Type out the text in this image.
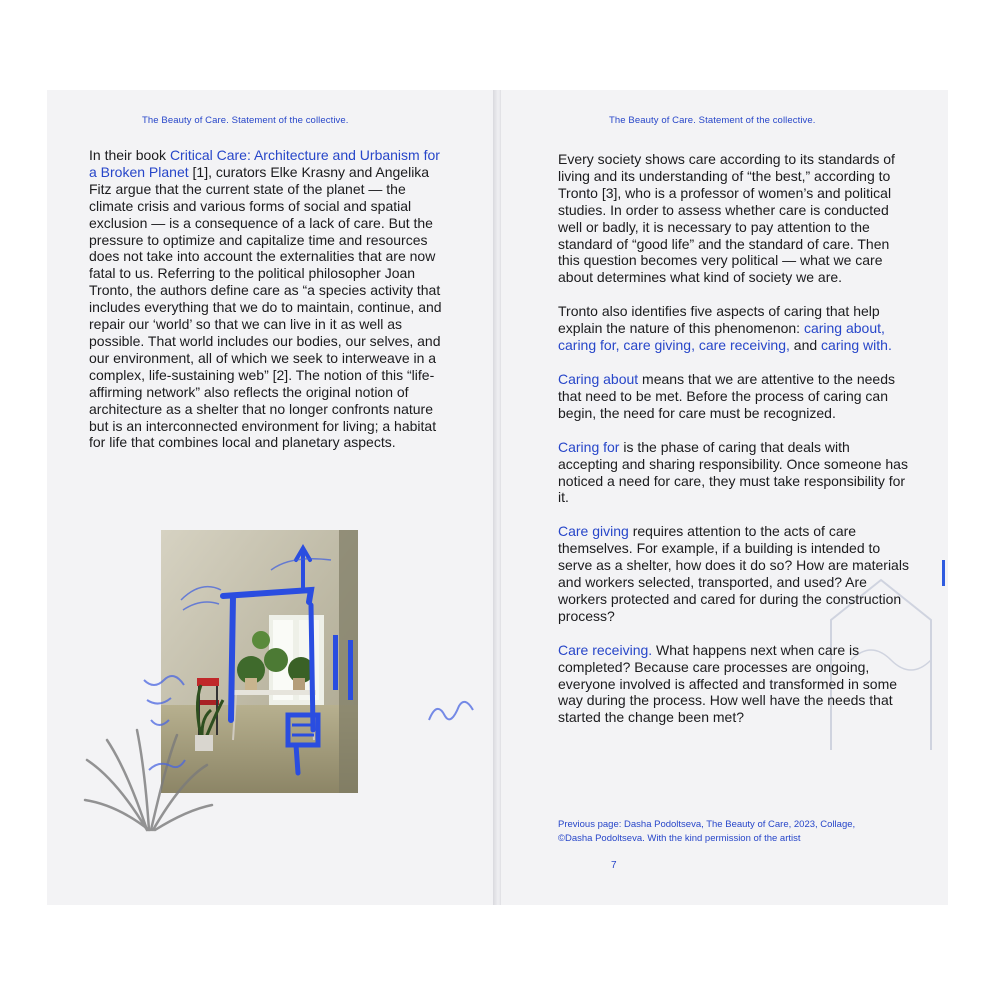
The Beauty of Care. Statement of the collective.

In their book Critical Care: Architecture and Urbanism for a Broken Planet [1], curators Elke Krasny and Angelika Fitz argue that the current state of the planet — the climate crisis and various forms of social and spatial exclusion — is a consequence of a lack of care. But the pressure to optimize and capitalize time and resources does not take into account the externalities that are now fatal to us. Referring to the political philosopher Joan Tronto, the authors define care as “a species activity that includes everything that we do to maintain, continue, and repair our ‘world’ so that we can live in it as well as possible. That world includes our bodies, our selves, and our environment, all of which we seek to interweave in a complex, life-sustaining web” [2]. The notion of this “life-affirming network” also reflects the original notion of architecture as a shelter that no longer confronts nature but is an interconnected environment for living; a habitat for life that combines local and planetary aspects.

The Beauty of Care. Statement of the collective.

Every society shows care according to its standards of living and its understanding of “the best,” according to Tronto [3], who is a professor of women’s and political studies. In order to assess whether care is conducted well or badly, it is necessary to pay attention to the standard of “good life” and the standard of care. Then this question becomes very political — what we care about determines what kind of society we are.

Tronto also identifies five aspects of caring that help explain the nature of this phenomenon: caring about, caring for, care giving, care receiving, and caring with.

Caring about means that we are attentive to the needs that need to be met. Before the process of caring can begin, the need for care must be recognized.

Caring for is the phase of caring that deals with accepting and sharing responsibility. Once someone has noticed a need for care, they must take responsibility for it.

Care giving requires attention to the acts of care themselves. For example, if a building is intended to serve as a shelter, how does it do so? How are materials and workers selected, transported, and used? Are workers protected and cared for during the construction process?

Care receiving. What happens next when care is completed? Because care processes are ongoing, everyone involved is affected and transformed in some way during the process. How well have the needs that started the change been met?

Previous page: Dasha Podoltseva, The Beauty of Care, 2023, Collage,
©Dasha Podoltseva. With the kind permission of the artist
7
